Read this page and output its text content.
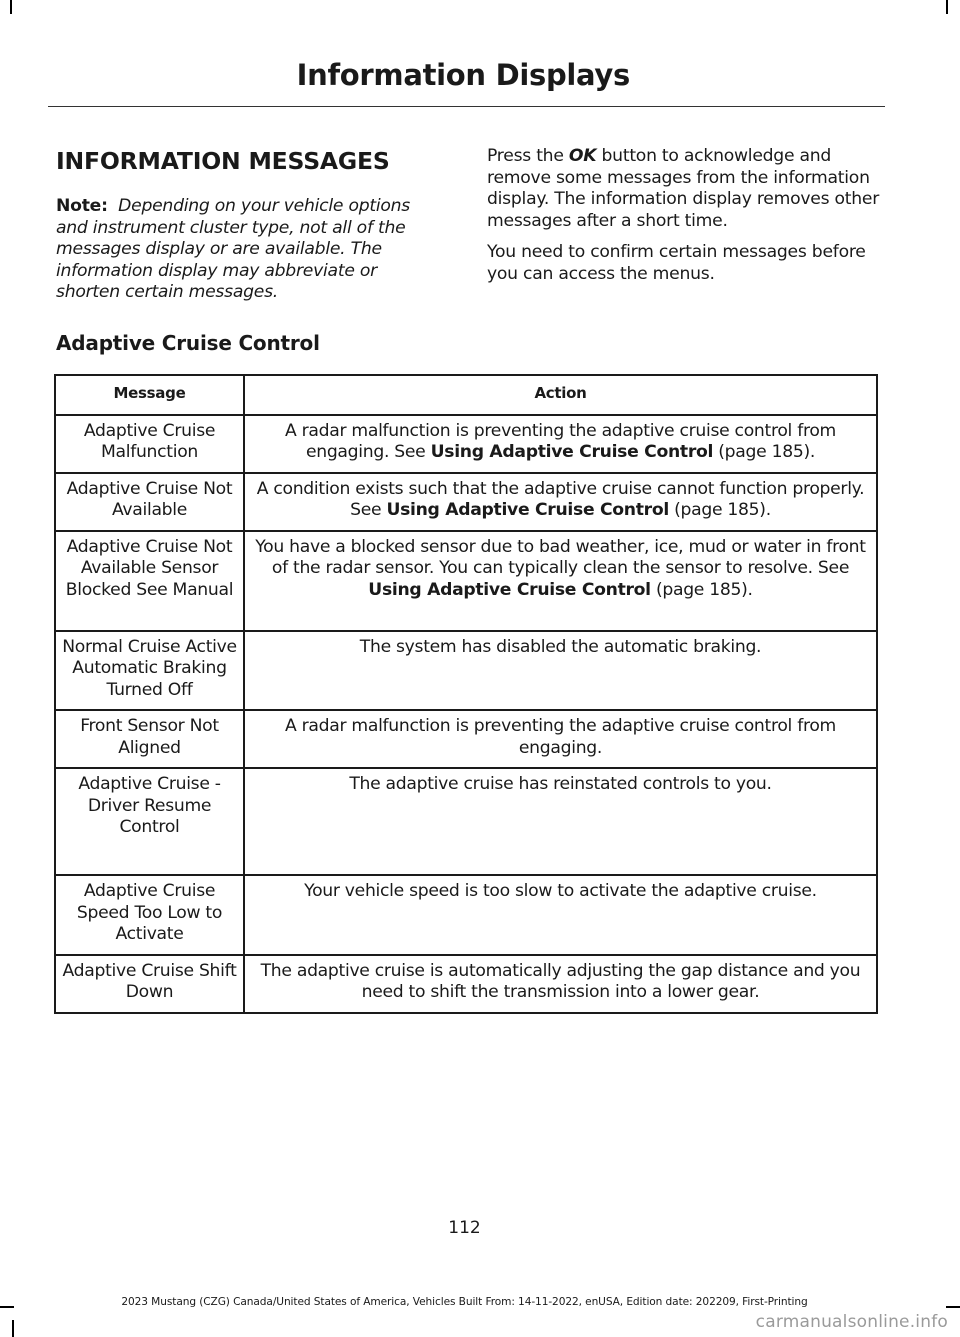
Information Displays
INFORMATION MESSAGES
Note: Depending on your vehicle options and instrument cluster type, not all of the messages display or are available. The information display may abbreviate or shorten certain messages.

Press the OK button to acknowledge and remove some messages from the information display. The information display removes other messages after a short time.

You need to confirm certain messages before you can access the menus.

Adaptive Cruise Control
Message	Action
Adaptive Cruise Malfunction	A radar malfunction is preventing the adaptive cruise control from engaging. See Using Adaptive Cruise Control (page 185).
Adaptive Cruise Not Available	A condition exists such that the adaptive cruise cannot function properly. See Using Adaptive Cruise Control (page 185).
Adaptive Cruise Not Available Sensor Blocked See Manual	You have a blocked sensor due to bad weather, ice, mud or water in front of the radar sensor. You can typically clean the sensor to resolve. See Using Adaptive Cruise Control (page 185).
Normal Cruise Active Automatic Braking Turned Off	The system has disabled the automatic braking.
Front Sensor Not Aligned	A radar malfunction is preventing the adaptive cruise control from engaging.
Adaptive Cruise - Driver Resume Control	The adaptive cruise has reinstated controls to you.
Adaptive Cruise Speed Too Low to Activate	Your vehicle speed is too slow to activate the adaptive cruise.
Adaptive Cruise Shift Down	The adaptive cruise is automatically adjusting the gap distance and you need to shift the transmission into a lower gear.
112
2023 Mustang (CZG) Canada/United States of America, Vehicles Built From: 14-11-2022, enUSA, Edition date: 202209, First-Printing
carmanualsonline.info
